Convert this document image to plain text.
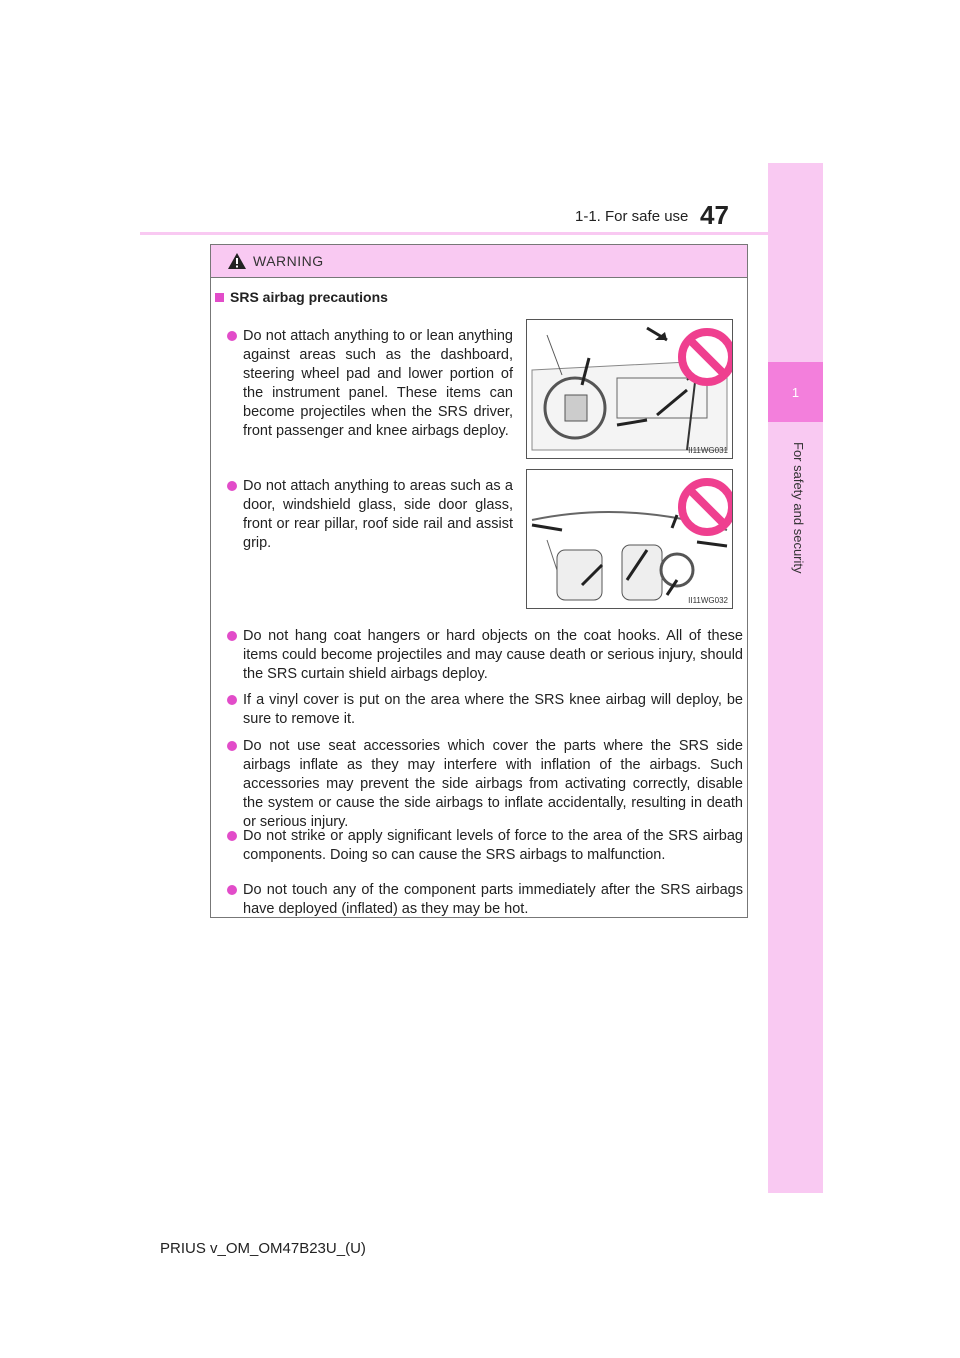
1
For safety and security
1-1. For safe use 47
WARNING
SRS airbag precautions
Do not attach anything to or lean anything against areas such as the dashboard, steering wheel pad and lower portion of the instrument panel. These items can become projectiles when the SRS driver, front passenger and knee airbags deploy.
II11WG031
Do not attach anything to areas such as a door, windshield glass, side door glass, front or rear pillar, roof side rail and assist grip.
II11WG032
Do not hang coat hangers or hard objects on the coat hooks. All of these items could become projectiles and may cause death or serious injury, should the SRS curtain shield airbags deploy.
If a vinyl cover is put on the area where the SRS knee airbag will deploy, be sure to remove it.
Do not use seat accessories which cover the parts where the SRS side airbags inflate as they may interfere with inflation of the airbags. Such accessories may prevent the side airbags from activating correctly, disable the system or cause the side airbags to inflate accidentally, resulting in death or serious injury.
Do not strike or apply significant levels of force to the area of the SRS airbag components. Doing so can cause the SRS airbags to malfunction.
Do not touch any of the component parts immediately after the SRS airbags have deployed (inflated) as they may be hot.
PRIUS v_OM_OM47B23U_(U)
